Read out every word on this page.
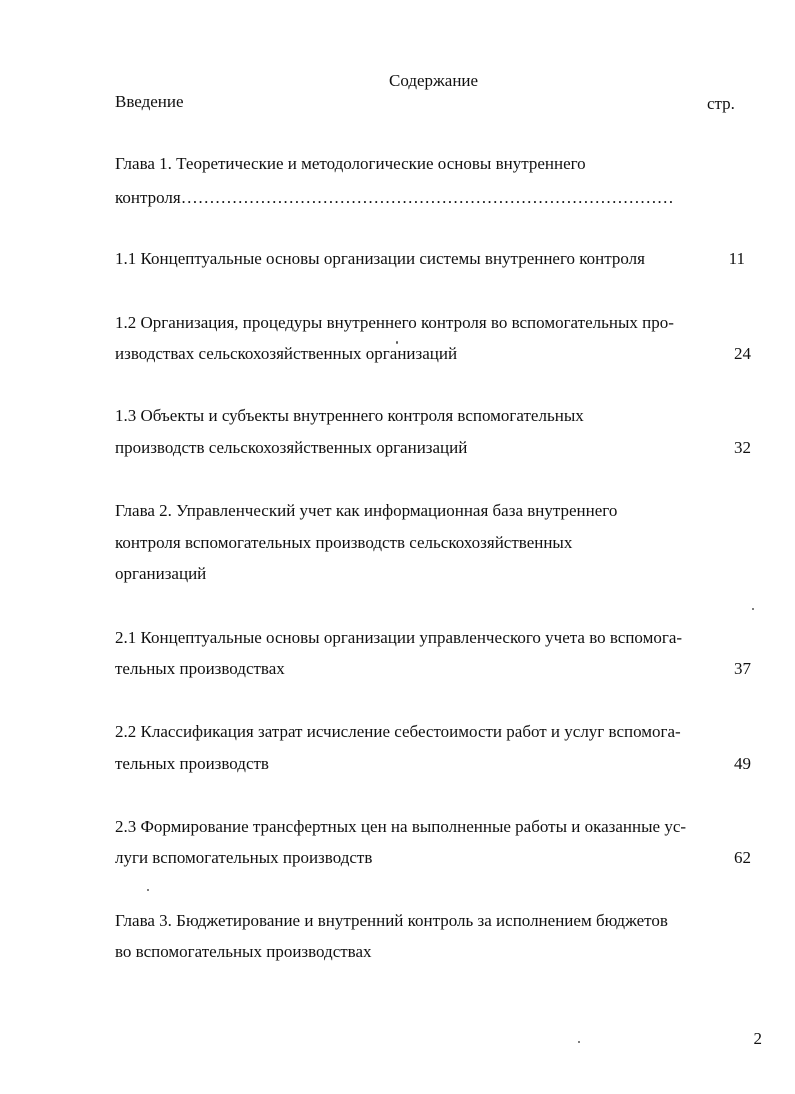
Содержание
Введение	стр.
Глава 1. Теоретические и методологические основы внутреннего
контроля……………………………………………………………………………
1.1 Концептуальные основы организации системы внутреннего контроля	11
1.2 Организация, процедуры внутреннего контроля во вспомогательных про-
изводствах сельскохозяйственных организаций	24
1.3 Объекты и субъекты внутреннего контроля вспомогательных
производств сельскохозяйственных организаций	32
Глава 2. Управленческий учет как информационная база внутреннего
контроля вспомогательных производств сельскохозяйственных
организаций
2.1 Концептуальные основы организации управленческого учета во вспомога-
тельных производствах	37
2.2 Классификация затрат исчисление себестоимости работ и услуг вспомога-
тельных производств	49
2.3 Формирование трансфертных цен на выполненные работы и оказанные ус-
луги вспомогательных производств	62
Глава 3. Бюджетирование и внутренний контроль за исполнением бюджетов
во вспомогательных производствах
2
